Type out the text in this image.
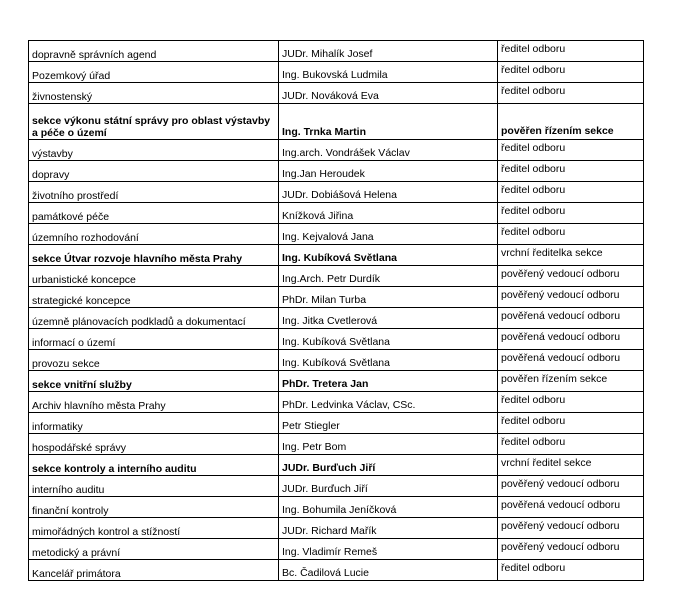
dopravně správních agend	JUDr. Mihalík Josef	ředitel odboru
Pozemkový úřad	Ing. Bukovská Ludmila	ředitel odboru
živnostenský	JUDr. Nováková Eva	ředitel odboru
sekce výkonu státní správy pro oblast výstavby a péče o území	Ing. Trnka Martin	pověřen řízením sekce
výstavby	Ing.arch. Vondrášek Václav	ředitel odboru
dopravy	Ing.Jan Heroudek	ředitel odboru
životního prostředí	JUDr. Dobiášová Helena	ředitel odboru
památkové péče	Knížková Jiřina	ředitel odboru
územního rozhodování	Ing. Kejvalová Jana	ředitel odboru
sekce Útvar rozvoje hlavního města Prahy	Ing. Kubíková Světlana	vrchní ředitelka sekce
urbanistické koncepce	Ing.Arch. Petr Durdík	pověřený vedoucí odboru
strategické koncepce	PhDr. Milan Turba	pověřený vedoucí odboru
územně plánovacích podkladů a dokumentací	Ing. Jitka Cvetlerová	pověřená vedoucí odboru
informací o území	Ing. Kubíková Světlana	pověřená vedoucí odboru
provozu sekce	Ing. Kubíková Světlana	pověřená vedoucí odboru
sekce vnitřní služby	PhDr. Tretera Jan	pověřen řízením sekce
Archiv hlavního města Prahy	PhDr. Ledvinka Václav, CSc.	ředitel odboru
informatiky	Petr Stiegler	ředitel odboru
hospodářské správy	Ing. Petr Bom	ředitel odboru
sekce kontroly a interního auditu	JUDr. Burďuch Jiří	vrchní ředitel sekce
interního auditu	JUDr. Burďuch Jiří	pověřený vedoucí odboru
finanční kontroly	Ing. Bohumila Jeníčková	pověřená vedoucí odboru
mimořádných kontrol a stížností	JUDr. Richard Mařík	pověřený vedoucí odboru
metodický a právní	Ing. Vladimír Remeš	pověřený vedoucí odboru
Kancelář primátora	Bc. Čadilová Lucie	ředitel odboru
